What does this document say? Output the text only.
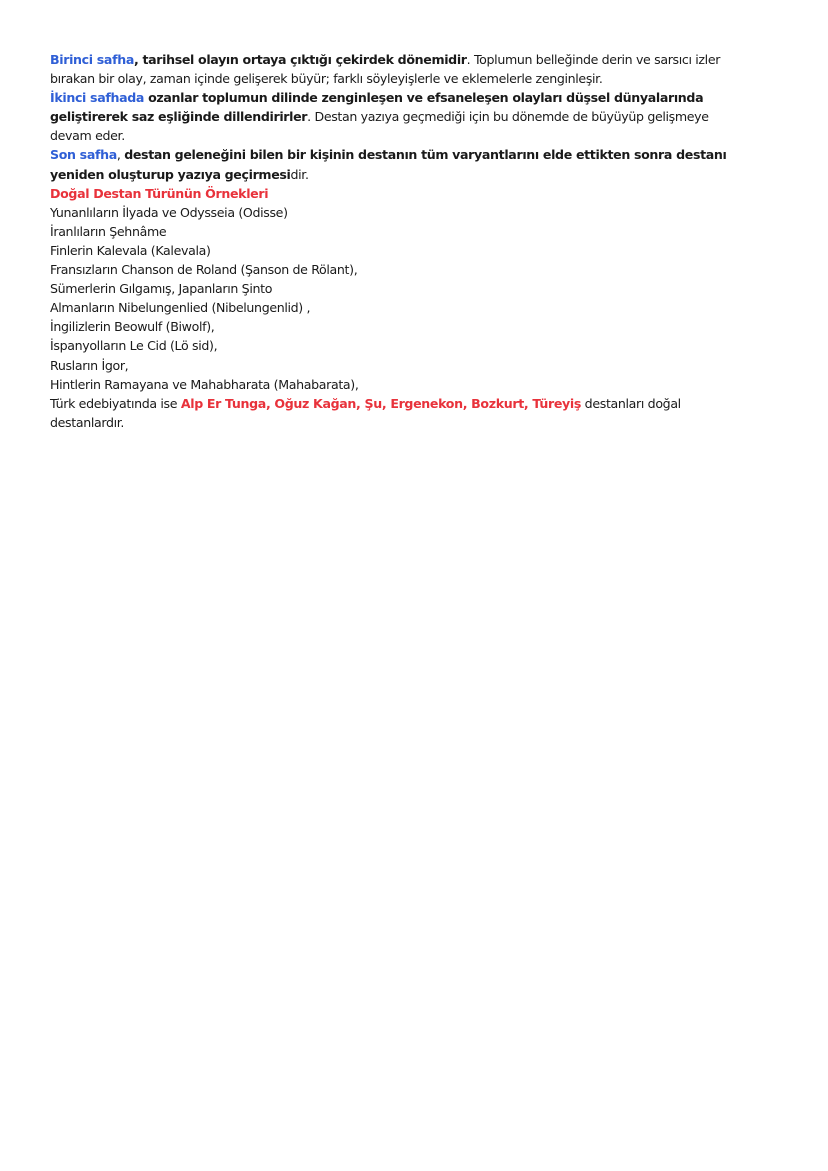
Birinci safha, tarihsel olayın ortaya çıktığı çekirdek dönemidir. Toplumun belleğinde derin ve sarsıcı izler
bırakan bir olay, zaman içinde gelişerek büyür; farklı söyleyişlerle ve eklemelerle zenginleşir.
İkinci safhada ozanlar toplumun dilinde zenginleşen ve efsaneleşen olayları düşsel dünyalarında
geliştirerek saz eşliğinde dillendirirler. Destan yazıya geçmediği için bu dönemde de büyüyüp gelişmeye
devam eder.
Son safha, destan geleneğini bilen bir kişinin destanın tüm varyantlarını elde ettikten sonra destanı
yeniden oluşturup yazıya geçirmesidir.
Doğal Destan Türünün Örnekleri
Yunanlıların İlyada ve Odysseia (Odisse)
İranlıların Şehnâme
Finlerin Kalevala (Kalevala)
Fransızların Chanson de Roland (Şanson de Rölant),
Sümerlerin Gılgamış, Japanların Şinto
Almanların Nibelungenlied (Nibelungenlid) ,
İngilizlerin Beowulf (Biwolf),
İspanyolların Le Cid (Lö sid),
Rusların İgor,
Hintlerin Ramayana ve Mahabharata (Mahabarata),
Türk edebiyatında ise Alp Er Tunga, Oğuz Kağan, Şu, Ergenekon, Bozkurt, Türeyiş destanları doğal
destanlardır.
